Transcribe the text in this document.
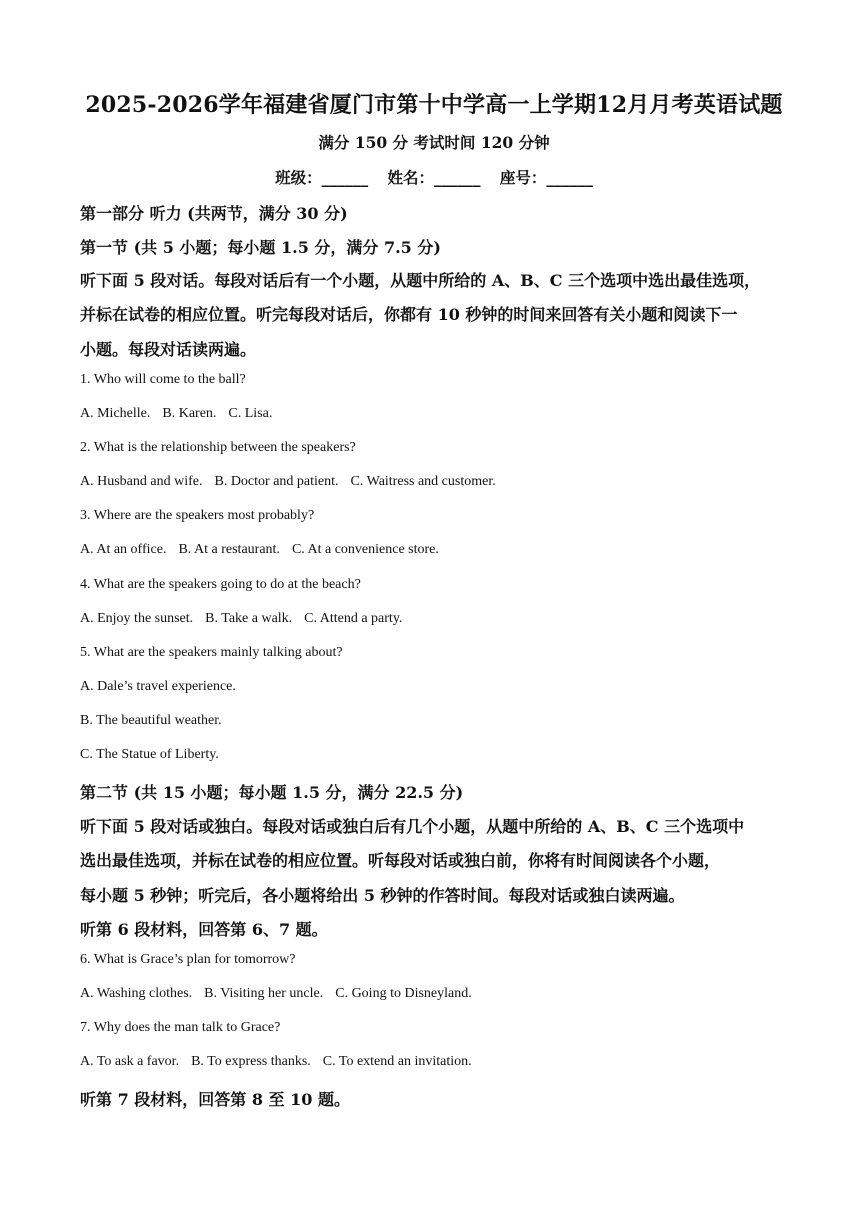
2025-2026学年福建省厦门市第十中学高一上学期12月月考英语试题
满分 150 分 考试时间 120 分钟
班级：______ 姓名：______ 座号：______
第一部分 听力 (共两节，满分 30 分)
第一节 (共 5 小题；每小题 1.5 分，满分 7.5 分)
听下面 5 段对话。每段对话后有一个小题，从题中所给的 A、B、C 三个选项中选出最佳选项，
并标在试卷的相应位置。听完每段对话后，你都有 10 秒钟的时间来回答有关小题和阅读下一
小题。每段对话读两遍。
1. Who will come to the ball?
A. Michelle. B. Karen. C. Lisa.
2. What is the relationship between the speakers?
A. Husband and wife. B. Doctor and patient. C. Waitress and customer.
3. Where are the speakers most probably?
A. At an office. B. At a restaurant. C. At a convenience store.
4. What are the speakers going to do at the beach?
A. Enjoy the sunset. B. Take a walk. C. Attend a party.
5. What are the speakers mainly talking about?
A. Dale’s travel experience.
B. The beautiful weather.
C. The Statue of Liberty.
第二节 (共 15 小题；每小题 1.5 分，满分 22.5 分)
听下面 5 段对话或独白。每段对话或独白后有几个小题，从题中所给的 A、B、C 三个选项中
选出最佳选项，并标在试卷的相应位置。听每段对话或独白前，你将有时间阅读各个小题，
每小题 5 秒钟；听完后，各小题将给出 5 秒钟的作答时间。每段对话或独白读两遍。
听第 6 段材料，回答第 6、7 题。
6. What is Grace’s plan for tomorrow?
A. Washing clothes. B. Visiting her uncle. C. Going to Disneyland.
7. Why does the man talk to Grace?
A. To ask a favor. B. To express thanks. C. To extend an invitation.
听第 7 段材料，回答第 8 至 10 题。
